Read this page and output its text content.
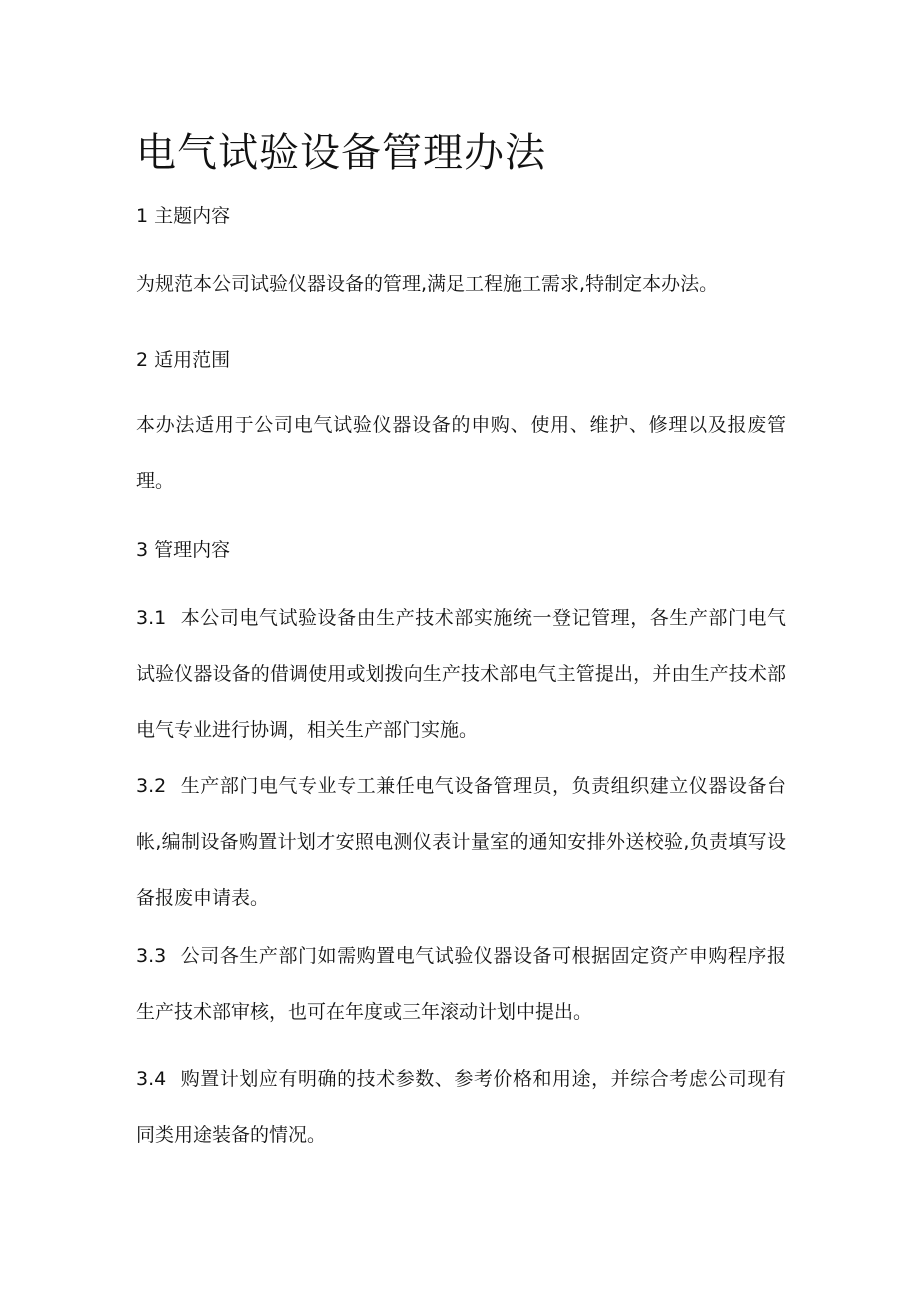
电气试验设备管理办法
1 主题内容

为规范本公司试验仪器设备的管理,满足工程施工需求,特制定本办法。

2 适用范围

本办法适用于公司电气试验仪器设备的申购、使用、维护、修理以及报废管理。

3 管理内容

3.1 本公司电气试验设备由生产技术部实施统一登记管理，各生产部门电气试验仪器设备的借调使用或划拨向生产技术部电气主管提出，并由生产技术部电气专业进行协调，相关生产部门实施。

3.2 生产部门电气专业专工兼任电气设备管理员，负责组织建立仪器设备台帐,编制设备购置计划才安照电测仪表计量室的通知安排外送校验,负责填写设备报废申请表。

3.3 公司各生产部门如需购置电气试验仪器设备可根据固定资产申购程序报生产技术部审核，也可在年度或三年滚动计划中提出。

3.4 购置计划应有明确的技术参数、参考价格和用途，并综合考虑公司现有同类用途装备的情况。
